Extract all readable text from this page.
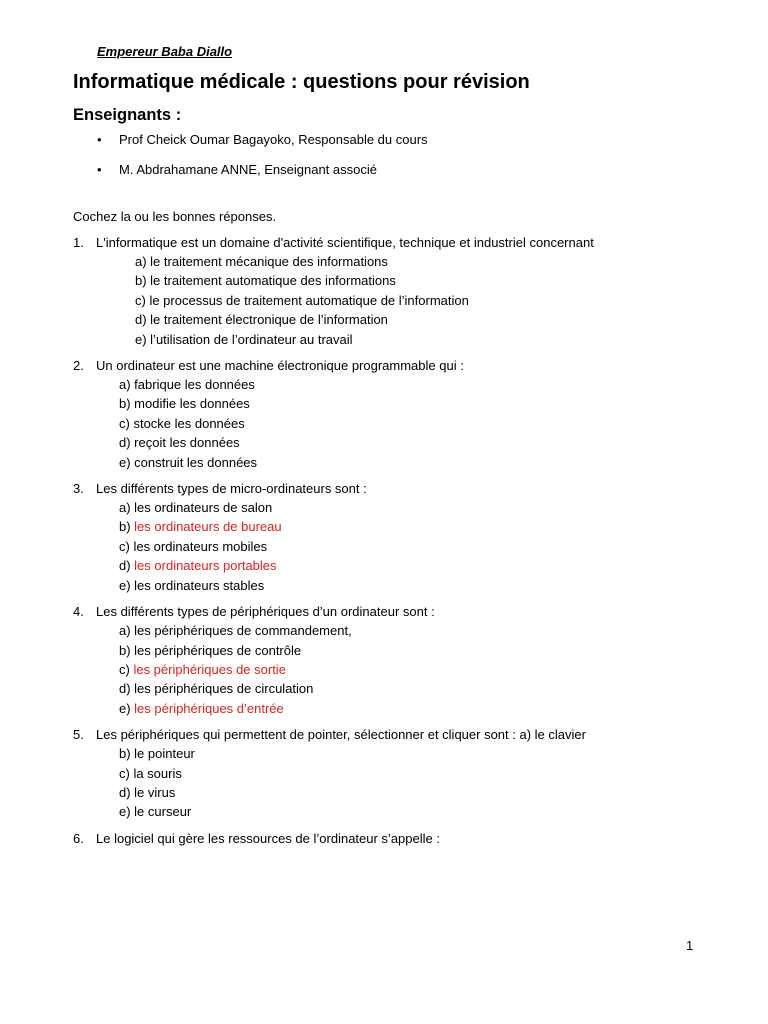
Empereur Baba Diallo
Informatique médicale : questions pour révision
Enseignants :
• Prof Cheick Oumar Bagayoko, Responsable du cours
• M. Abdrahamane ANNE, Enseignant associé
Cochez la ou les bonnes réponses.
1. L'informatique est un domaine d'activité scientifique, technique et industriel concernant
a) le traitement mécanique des informations
b) le traitement automatique des informations
c) le processus de traitement automatique de l’information
d) le traitement électronique de l’information
e) l’utilisation de l’ordinateur au travail
2. Un ordinateur est une machine électronique programmable qui :
a) fabrique les données
b) modifie les données
c) stocke les données
d) reçoit les données
e) construit les données
3. Les différents types de micro-ordinateurs sont :
a) les ordinateurs de salon
b) les ordinateurs de bureau
c) les ordinateurs mobiles
d) les ordinateurs portables
e) les ordinateurs stables
4. Les différents types de périphériques d’un ordinateur sont :
a) les périphériques de commandement,
b) les périphériques de contrôle
c) les périphériques de sortie
d) les périphériques de circulation
e) les périphériques d’entrée
5. Les périphériques qui permettent de pointer, sélectionner et cliquer sont : a) le clavier
b) le pointeur
c) la souris
d) le virus
e) le curseur
6. Le logiciel qui gère les ressources de l’ordinateur s’appelle :
1
